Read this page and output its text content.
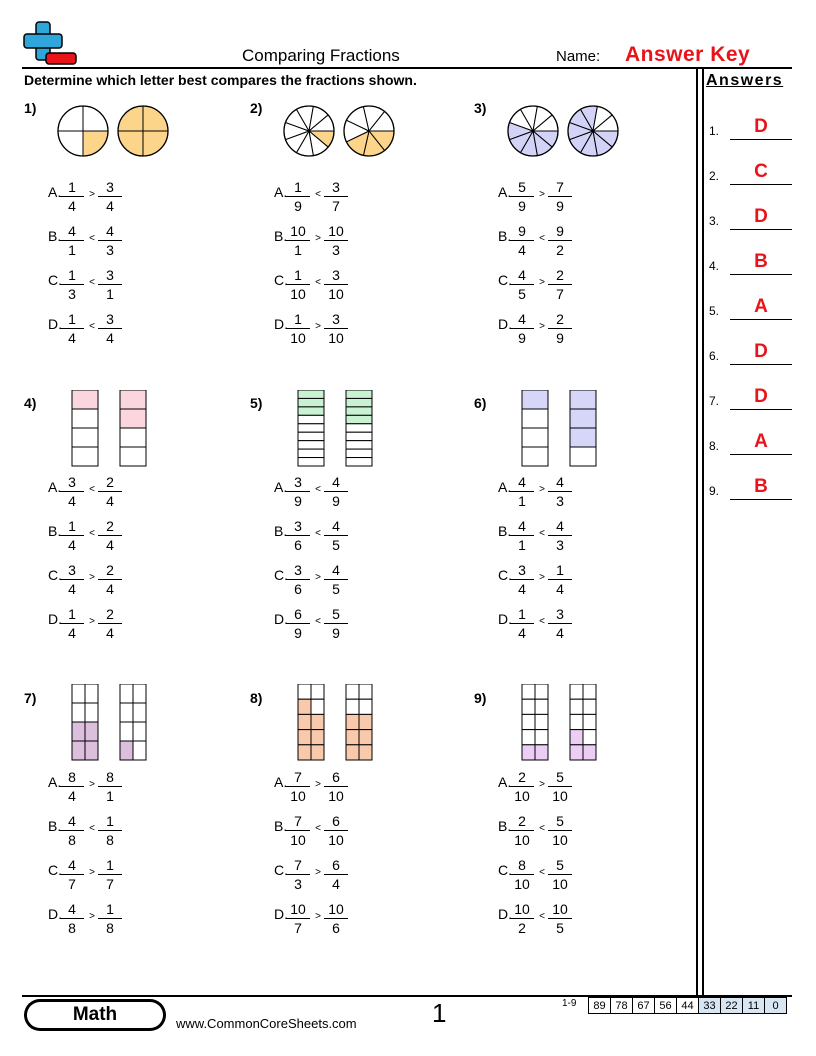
Comparing Fractions	Name: Answer Key
Determine which letter best compares the fractions shown.	Answers
1.	D
2.	C
3.	D
4.	B
5.	A
6.	D
7.	D
8.	A
9.	B
1)
A.
$\frac{1}{4} > \frac{3}{4}$
B.
$\frac{4}{1} < \frac{4}{3}$
C.
$\frac{1}{3} < \frac{3}{1}$
D.
$\frac{1}{4} < \frac{3}{4}$
2)
A.
$\frac{1}{9} < \frac{3}{7}$
B.
$\frac{10}{1} > \frac{10}{3}$
C.
$\frac{1}{10} < \frac{3}{10}$
D.
$\frac{1}{10} > \frac{3}{10}$
3)
A.
$\frac{5}{9} > \frac{7}{9}$
B.
$\frac{9}{4} < \frac{9}{2}$
C.
$\frac{4}{5} > \frac{2}{7}$
D.
$\frac{4}{9} > \frac{2}{9}$
4)
A.
$\frac{3}{4} < \frac{2}{4}$
B.
$\frac{1}{4} < \frac{2}{4}$
C.
$\frac{3}{4} > \frac{2}{4}$
D.
$\frac{1}{4} > \frac{2}{4}$
5)
A.
$\frac{3}{9} < \frac{4}{9}$
B.
$\frac{3}{6} < \frac{4}{5}$
C.
$\frac{3}{6} > \frac{4}{5}$
D.
$\frac{6}{9} < \frac{5}{9}$
6)
A.
$\frac{4}{1} > \frac{4}{3}$
B.
$\frac{4}{1} < \frac{4}{3}$
C.
$\frac{3}{4} > \frac{1}{4}$
D.
$\frac{1}{4} < \frac{3}{4}$
7)
A.
$\frac{8}{4} > \frac{8}{1}$
B.
$\frac{4}{8} < \frac{1}{8}$
C.
$\frac{4}{7} > \frac{1}{7}$
D.
$\frac{4}{8} > \frac{1}{8}$
8)
A.
$\frac{7}{10} > \frac{6}{10}$
B.
$\frac{7}{10} < \frac{6}{10}$
C.
$\frac{7}{3} > \frac{6}{4}$
D.
$\frac{10}{7} > \frac{10}{6}$
9)
A.
$\frac{2}{10} > \frac{5}{10}$
B.
$\frac{2}{10} < \frac{5}{10}$
C.
$\frac{8}{10} < \frac{5}{10}$
D.
$\frac{10}{2} < \frac{10}{5}$
Math	www.CommonCoreSheets.com	1	1-9 89	78	67	56	44	33	22	11	0
